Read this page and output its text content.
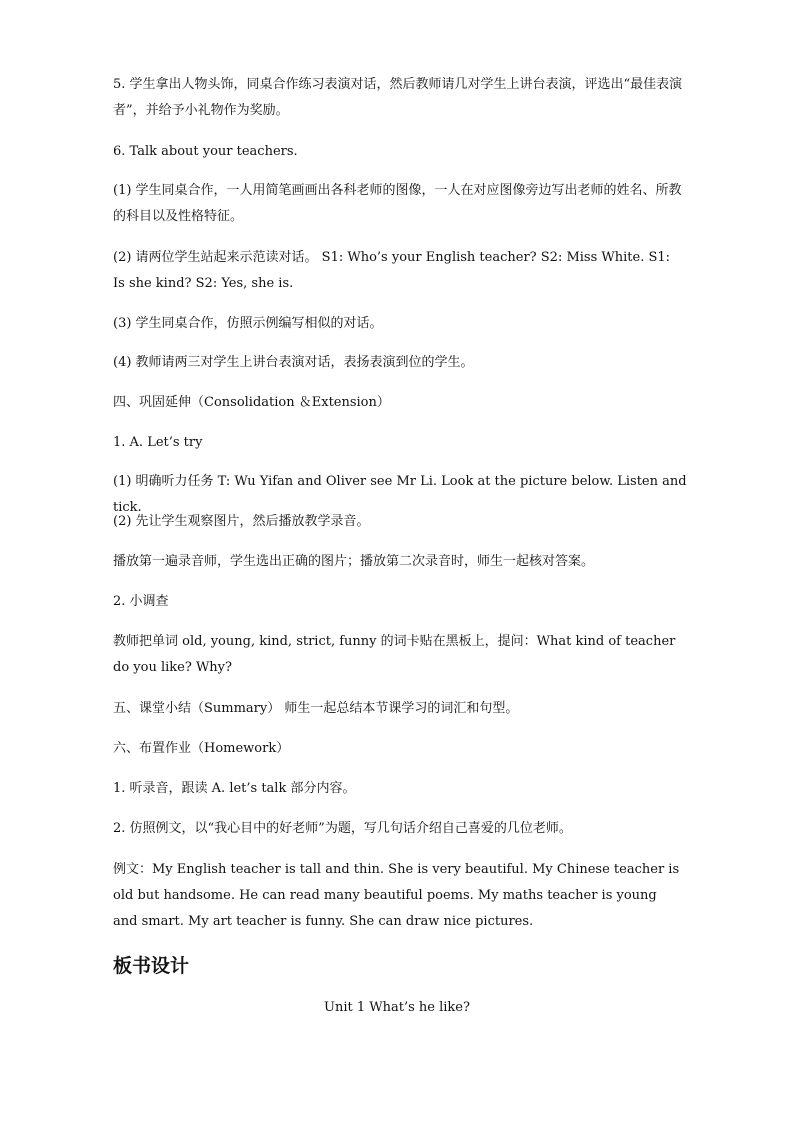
5. 学生拿出人物头饰，同桌合作练习表演对话，然后教师请几对学生上讲台表演，评选出“最佳表演者”，并给予小礼物作为奖励。

6. Talk about your teachers.

(1) 学生同桌合作，一人用简笔画画出各科老师的图像，一人在对应图像旁边写出老师的姓名、所教的科目以及性格特征。

(2) 请两位学生站起来示范读对话。 S1: Who’s your English teacher? S2: Miss White. S1: Is she kind? S2: Yes, she is.

(3) 学生同桌合作，仿照示例编写相似的对话。

(4) 教师请两三对学生上讲台表演对话，表扬表演到位的学生。

四、巩固延伸（Consolidation ＆Extension）

1. A. Let’s try

(1) 明确听力任务 T: Wu Yifan and Oliver see Mr Li. Look at the picture below. Listen and tick.

(2) 先让学生观察图片，然后播放教学录音。

播放第一遍录音师，学生选出正确的图片；播放第二次录音时，师生一起核对答案。

2. 小调查

教师把单词 old, young, kind, strict, funny 的词卡贴在黑板上，提问：What kind of teacher do you like? Why?

五、课堂小结（Summary） 师生一起总结本节课学习的词汇和句型。

六、布置作业（Homework）

1. 听录音，跟读 A. let’s talk 部分内容。

2. 仿照例文，以“我心目中的好老师”为题，写几句话介绍自己喜爱的几位老师。

例文：My English teacher is tall and thin. She is very beautiful. My Chinese teacher is old but handsome. He can read many beautiful poems. My maths teacher is young and smart. My art teacher is funny. She can draw nice pictures.

板书设计

Unit 1 What’s he like?
